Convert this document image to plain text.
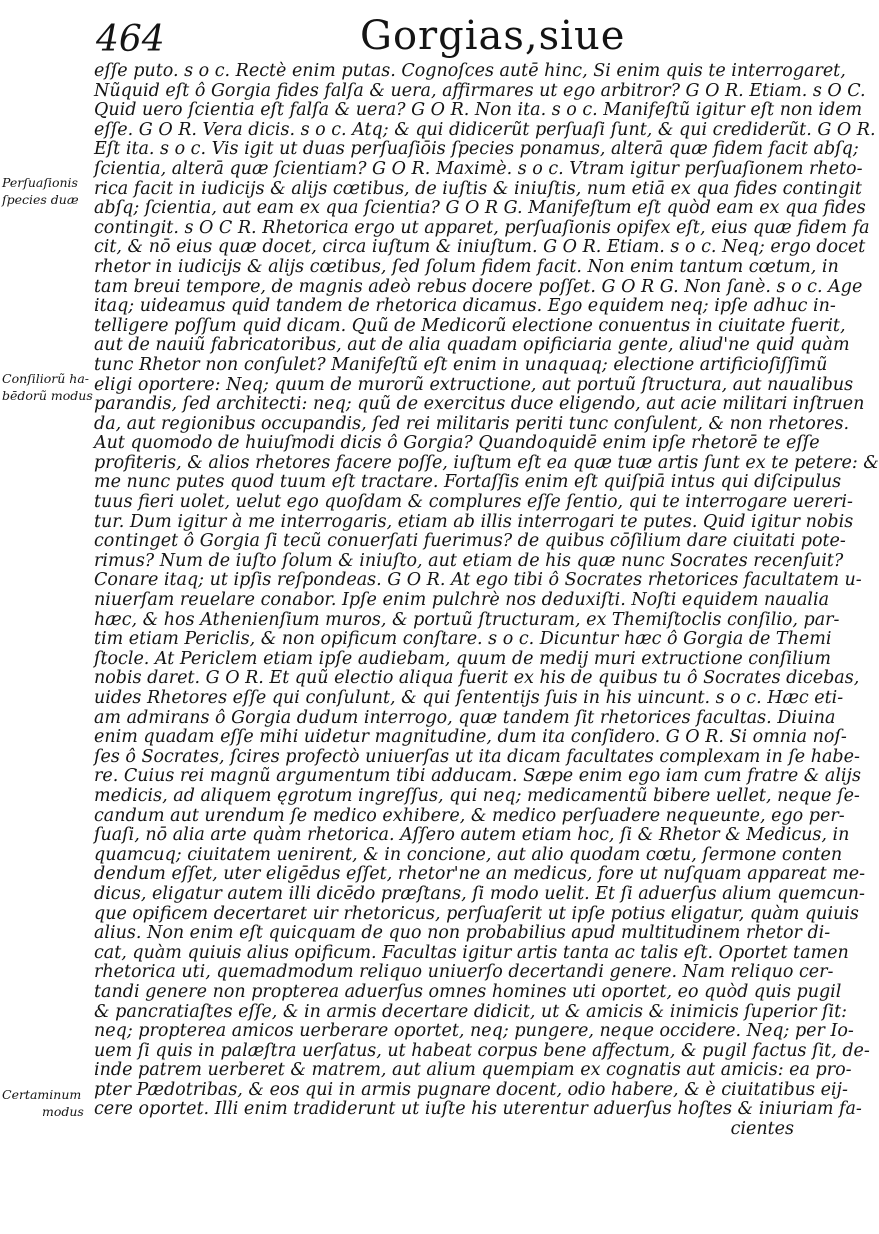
464	Gorgias,siue
Perſuaſionis
ſpecies duæ
Conſiliorũ ha-
bēdorũ modus
Certaminum
modus
eſſe puto. s o c. Rectè enim putas. Cognoſces autē hinc, Si enim quis te interrogaret,
Nũquid eſt ô Gorgia fides falſa & uera, affirmares ut ego arbitror? G O R. Etiam. s O C.
Quid uero ſcientia eſt falſa & uera? G O R. Non ita. s o c. Manifeſtũ igitur eſt non idem
eſſe. G O R. Vera dicis. s o c. Atq; & qui didicerũt perſuaſi ſunt, & qui crediderũt. G O R.
Eſt ita. s o c. Vis igit ut duas perſuaſiōis ſpecies ponamus, alterā quæ fidem facit abſq;
ſcientia, alterā quæ ſcientiam? G O R. Maximè. s o c. Vtram igitur perſuaſionem rheto-
rica facit in iudicijs & alijs cœtibus, de iuſtis & iniuſtis, num etiā ex qua fides contingit
abſq; ſcientia, aut eam ex qua ſcientia? G O R G. Manifeſtum eſt quòd eam ex qua fides
contingit. s O C R. Rhetorica ergo ut apparet, perſuaſionis opifex eſt, eius quæ fidem fa
cit, & nō eius quæ docet, circa iuſtum & iniuſtum. G O R. Etiam. s o c. Neq; ergo docet
rhetor in iudicijs & alijs cœtibus, ſed ſolum fidem facit. Non enim tantum cœtum, in
tam breui tempore, de magnis adeò rebus docere poſſet. G O R G. Non ſanè. s o c. Age
itaq; uideamus quid tandem de rhetorica dicamus. Ego equidem neq; ipſe adhuc in-
telligere poſſum quid dicam. Quũ de Medicorũ electione conuentus in ciuitate fuerit,
aut de nauiũ fabricatoribus, aut de alia quadam opificiaria gente, aliud'ne quid quàm
tunc Rhetor non conſulet? Manifeſtũ eſt enim in unaquaq; electione artificioſiſſimũ
eligi oportere: Neq; quum de murorũ extructione, aut portuũ ſtructura, aut naualibus
parandis, ſed architecti: neq; quũ de exercitus duce eligendo, aut acie militari inſtruen
da, aut regionibus occupandis, ſed rei militaris periti tunc conſulent, & non rhetores.
Aut quomodo de huiuſmodi dicis ô Gorgia? Quandoquidē enim ipſe rhetorē te eſſe
profiteris, & alios rhetores facere poſſe, iuſtum eſt ea quæ tuæ artis ſunt ex te petere: &
me nunc putes quod tuum eſt tractare. Fortaſſis enim eſt quiſpiā intus qui diſcipulus
tuus fieri uolet, uelut ego quoſdam & complures eſſe ſentio, qui te interrogare uereri-
tur. Dum igitur à me interrogaris, etiam ab illis interrogari te putes. Quid igitur nobis
continget ô Gorgia ſi tecũ conuerſati fuerimus? de quibus cōſilium dare ciuitati pote-
rimus? Num de iuſto ſolum & iniuſto, aut etiam de his quæ nunc Socrates recenſuit?
Conare itaq; ut ipſis reſpondeas. G O R. At ego tibi ô Socrates rhetorices facultatem u-
niuerſam reuelare conabor. Ipſe enim pulchrè nos deduxiſti. Noſti equidem naualia
hæc, & hos Athenienſium muros, & portuũ ſtructuram, ex Themiſtoclis conſilio, par-
tim etiam Periclis, & non opificum conſtare. s o c. Dicuntur hæc ô Gorgia de Themi
ſtocle. At Periclem etiam ipſe audiebam, quum de medij muri extructione conſilium
nobis daret. G O R. Et quũ electio aliqua fuerit ex his de quibus tu ô Socrates dicebas,
uides Rhetores eſſe qui conſulunt, & qui ſententijs ſuis in his uincunt. s o c. Hæc eti-
am admirans ô Gorgia dudum interrogo, quæ tandem ſit rhetorices facultas. Diuina
enim quadam eſſe mihi uidetur magnitudine, dum ita conſidero. G O R. Si omnia noſ-
ſes ô Socrates, ſcires profectò uniuerſas ut ita dicam facultates complexam in ſe habe-
re. Cuius rei magnũ argumentum tibi adducam. Sæpe enim ego iam cum fratre & alijs
medicis, ad aliquem ęgrotum ingreſſus, qui neq; medicamentũ bibere uellet, neque ſe-
candum aut urendum ſe medico exhibere, & medico perſuadere nequeunte, ego per-
ſuaſi, nō alia arte quàm rhetorica. Aſſero autem etiam hoc, ſi & Rhetor & Medicus, in
quamcuq; ciuitatem uenirent, & in concione, aut alio quodam cœtu, ſermone conten
dendum eſſet, uter eligēdus eſſet, rhetor'ne an medicus, fore ut nuſquam appareat me-
dicus, eligatur autem illi dicēdo præſtans, ſi modo uelit. Et ſi aduerſus alium quemcun-
que opificem decertaret uir rhetoricus, perſuaſerit ut ipſe potius eligatur, quàm quiuis
alius. Non enim eſt quicquam de quo non probabilius apud multitudinem rhetor di-
cat, quàm quiuis alius opificum. Facultas igitur artis tanta ac talis eſt. Oportet tamen
rhetorica uti, quemadmodum reliquo uniuerſo decertandi genere. Nam reliquo cer-
tandi genere non propterea aduerſus omnes homines uti oportet, eo quòd quis pugil
& pancratiaſtes eſſe, & in armis decertare didicit, ut & amicis & inimicis ſuperior ſit:
neq; propterea amicos uerberare oportet, neq; pungere, neque occidere. Neq; per Io-
uem ſi quis in palæſtra uerſatus, ut habeat corpus bene affectum, & pugil factus ſit, de-
inde patrem uerberet & matrem, aut alium quempiam ex cognatis aut amicis: ea pro-
pter Pædotribas, & eos qui in armis pugnare docent, odio habere, & è ciuitatibus eij-
cere oportet. Illi enim tradiderunt ut iuſte his uterentur aduerſus hoſtes & iniuriam fa-
cientes
